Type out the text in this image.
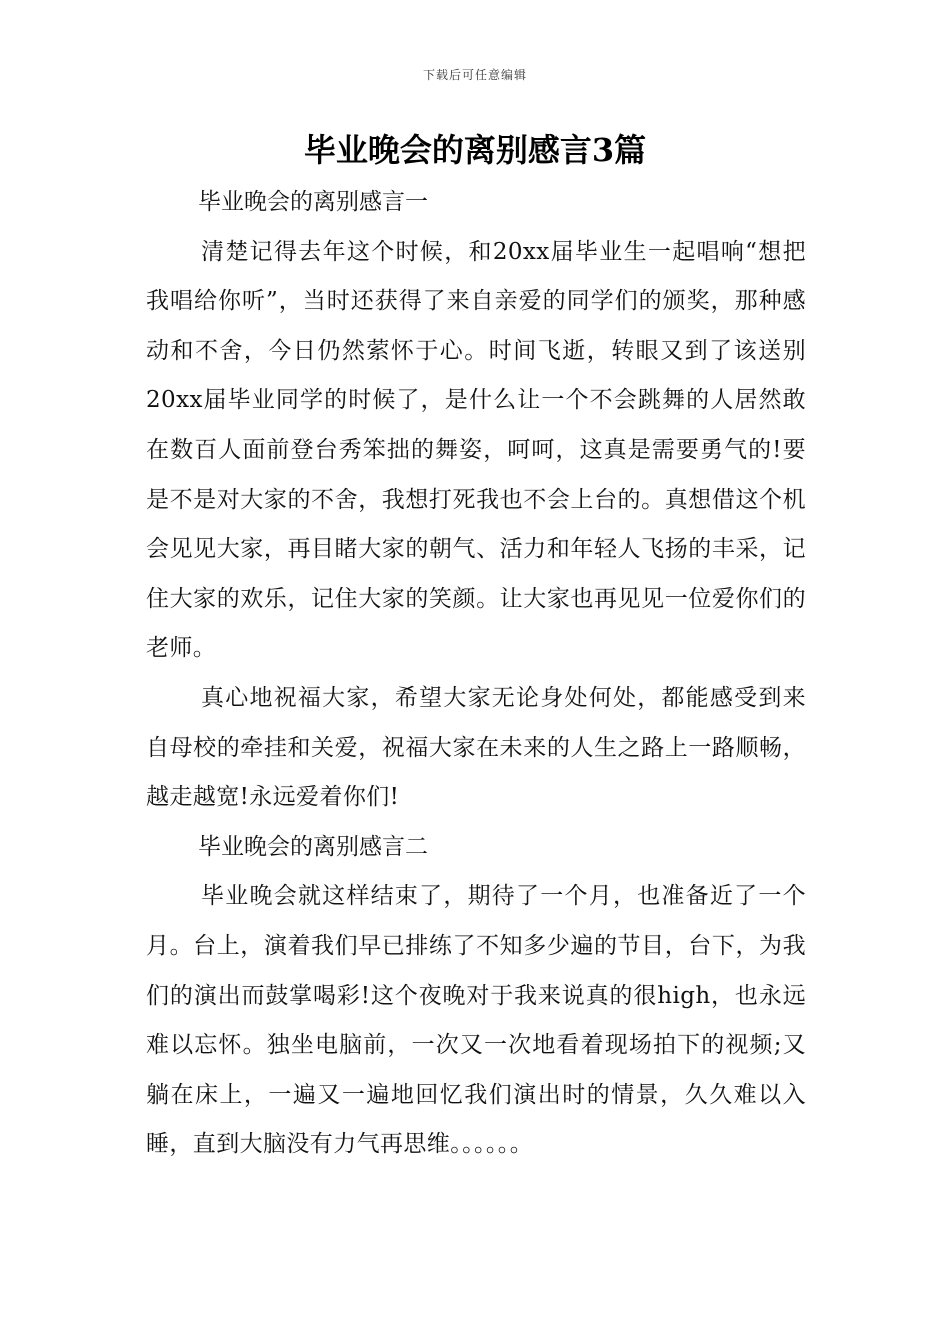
下载后可任意编辑
毕业晚会的离别感言3篇
毕业晚会的离别感言一

清楚记得去年这个时候，和20xx届毕业生一起唱响“想把我唱给你听”，当时还获得了来自亲爱的同学们的颁奖，那种感动和不舍，今日仍然萦怀于心。时间飞逝，转眼又到了该送别20xx届毕业同学的时候了，是什么让一个不会跳舞的人居然敢在数百人面前登台秀笨拙的舞姿，呵呵，这真是需要勇气的!要是不是对大家的不舍，我想打死我也不会上台的。真想借这个机会见见大家，再目睹大家的朝气、活力和年轻人飞扬的丰采，记住大家的欢乐，记住大家的笑颜。让大家也再见见一位爱你们的老师。

真心地祝福大家，希望大家无论身处何处，都能感受到来自母校的牵挂和关爱，祝福大家在未来的人生之路上一路顺畅，越走越宽!永远爱着你们!

毕业晚会的离别感言二

毕业晚会就这样结束了，期待了一个月，也准备近了一个月。台上，演着我们早已排练了不知多少遍的节目，台下，为我们的演出而鼓掌喝彩!这个夜晚对于我来说真的很high，也永远难以忘怀。独坐电脑前，一次又一次地看着现场拍下的视频;又躺在床上，一遍又一遍地回忆我们演出时的情景，久久难以入睡，直到大脑没有力气再思维。。。。。。
